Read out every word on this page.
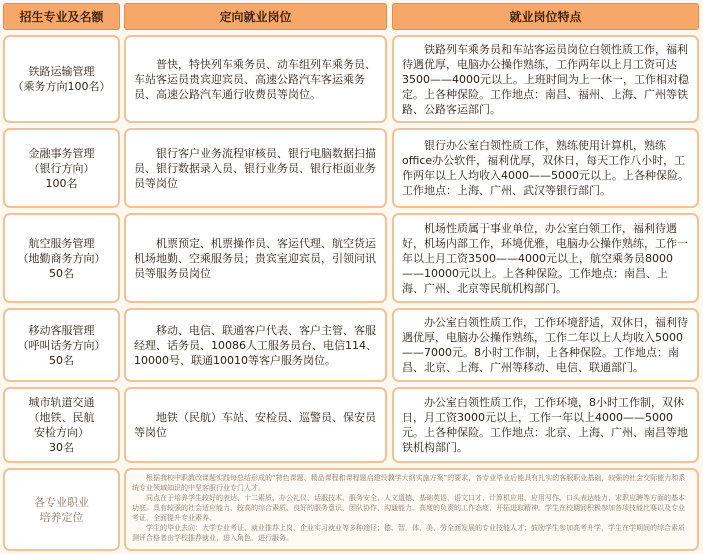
招生专业及名额	定向就业岗位	就业岗位特点
铁路运输管理
（乘务方向100名）
普快，特快列车乘务员、动车组列车乘务员、车站客运员贵宾迎宾员、高速公路汽车客运乘务员、高速公路汽车通行收费员等岗位。
铁路列车乘务员和车站客运员岗位白领性质工作，福利待遇优厚，电脑办公操作熟练，工作两年以上月工资可达3500——4000元以上。上班时间为上一休一，工作相对稳定。上各种保险。工作地点：南昌、福州、上海、广州等铁路、公路客运部门。
金融事务管理
（银行方向）
100名
银行客户业务流程审核员、银行电脑数据扫描员、银行数据录入员、银行业务员、银行柜面业务员等岗位
银行办公室白领性质工作，熟练使用计算机，熟练office办公软件，福利优厚，双休日，每天工作八小时，工作两年以上人均收入4000——5000元以上。上各种保险。工作地点：上海、广州、武汉等银行部门。
航空服务管理
（地勤商务方向）
50名
机票预定、机票操作员、客运代理、航空货运机场地勤、空乘服务员；贵宾室迎宾员，引领问讯员等服务员岗位
机场性质属于事业单位，办公室白领工作，福利待遇好，机场内部工作，环境优雅，电脑办公操作熟练，工作一年以上月工资3500——4000元以上，航空乘务员8000——10000元以上。上各种保险。工作地点：南昌、上海、广州、北京等民航机构部门。
移动客服管理
（呼叫话务方向）
50名
移动、电信、联通客户代表、客户主管、客服经理、话务员、10086人工服务员台、电信114、10000号、联通10010等客户服务岗位。
办公室白领性质工作，工作环境舒适，双休日，福利待遇优厚，电脑办公操作熟练，工作二年以上人均收入5000——7000元。8小时工作制，上各种保险。工作地点：南昌、北京、上海、广州等移动、电信、联通部门。
城市轨道交通
（地铁、民航
安检方向）
30名
地铁（民航）车站、安检员、巡警员、保安员等岗位
办公室白领性质工作，工作环境，8小时工作制，双休日，月工资3000元以上，工作一年以上4000——5000元。上各种保险。工作地点：北京、上海、广州、南昌等地铁机构部门。
各专业职业
培养定位
根据我校中职教改课题实践每总结形成的“特色课题、精品课程和课程题启建设教学大纲实施方案”的要求，各专业毕业后能具有扎实的客服职业基础，较强的社会交际能力和系统专业领域知识的中坚客服行业专门人才。
同点在于培养学生较好的表达、十二素质、办公礼仪、话服技术、服务安全、人文道德、基础英语、语文口才、计算机应用、应用写作、口头表达能力、求职应聘等方面的基本功底。具有较强的社会适应能力、较高的综合素质、良好的服务意识、团队协作、沟通能力、高度的负责的工作态度、开拓进取精神。学生在校期间积极参加各项技能比赛以及专业考证，全面提升专业素养。
学生的毕业去向：大学专业考证、就业推荐上岗、企业实习就业等多种途径；德、智、体、美、劳全面发展的专业技能人才；鼓励学生参加高考升学，学生在学期间的综合素质测评合格者由学校推荐就业，进入角色，进行服务。
